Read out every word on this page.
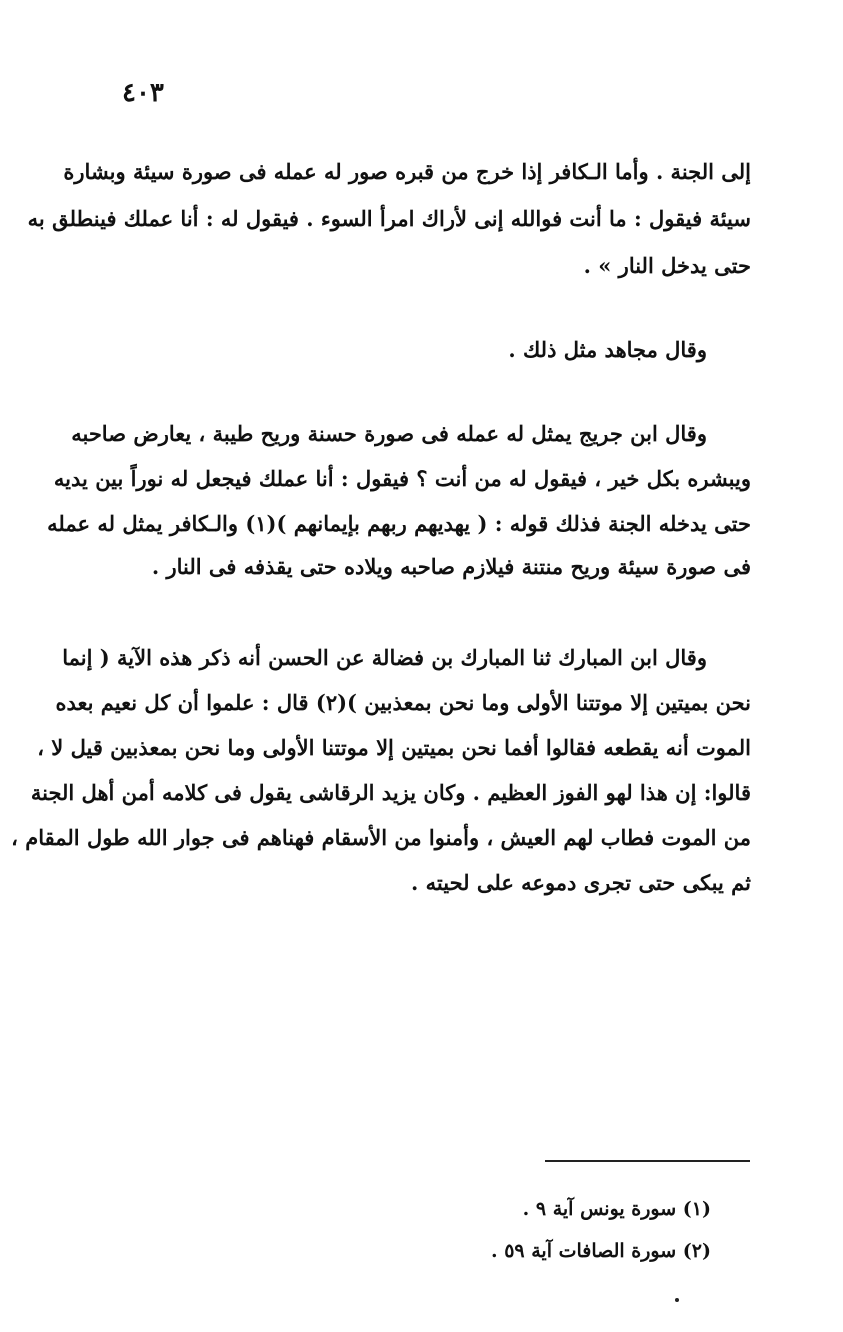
٤٠٣
إلى الجنة . وأما الـكافر إذا خرج من قبره صور له عمله فى صورة سيئة وبشارة
سيئة فيقول : ما أنت فوالله إنى لأراك امرأ السوء . فيقول له : أنا عملك فينطلق به
حتى يدخل النار » .
وقال مجاهد مثل ذلك .
وقال ابن جريج يمثل له عمله فى صورة حسنة وريح طيبة ، يعارض صاحبه
ويبشره بكل خير ، فيقول له من أنت ؟ فيقول : أنا عملك فيجعل له نوراً بين يديه
حتى يدخله الجنة فذلك قوله : ( يهديهم ربهم بإيمانهم )(١) والـكافر يمثل له عمله
فى صورة سيئة وريح منتنة فيلازم صاحبه ويلاده حتى يقذفه فى النار .
وقال ابن المبارك ثنا المبارك بن فضالة عن الحسن أنه ذكر هذه الآية ( إنما
نحن بميتين إلا موتتنا الأولى وما نحن بمعذبين )(٢) قال : علموا أن كل نعيم بعده
الموت أنه يقطعه فقالوا أفما نحن بميتين إلا موتتنا الأولى وما نحن بمعذبين قيل لا ،
قالوا: إن هذا لهو الفوز العظيم . وكان يزيد الرقاشى يقول فى كلامه أمن أهل الجنة
من الموت فطاب لهم العيش ، وأمنوا من الأسقام فهناهم فى جوار الله طول المقام ،
ثم يبكى حتى تجرى دموعه على لحيته .
(١) سورة يونس آية ٩ .
(٢) سورة الصافات آية ٥٩ .
